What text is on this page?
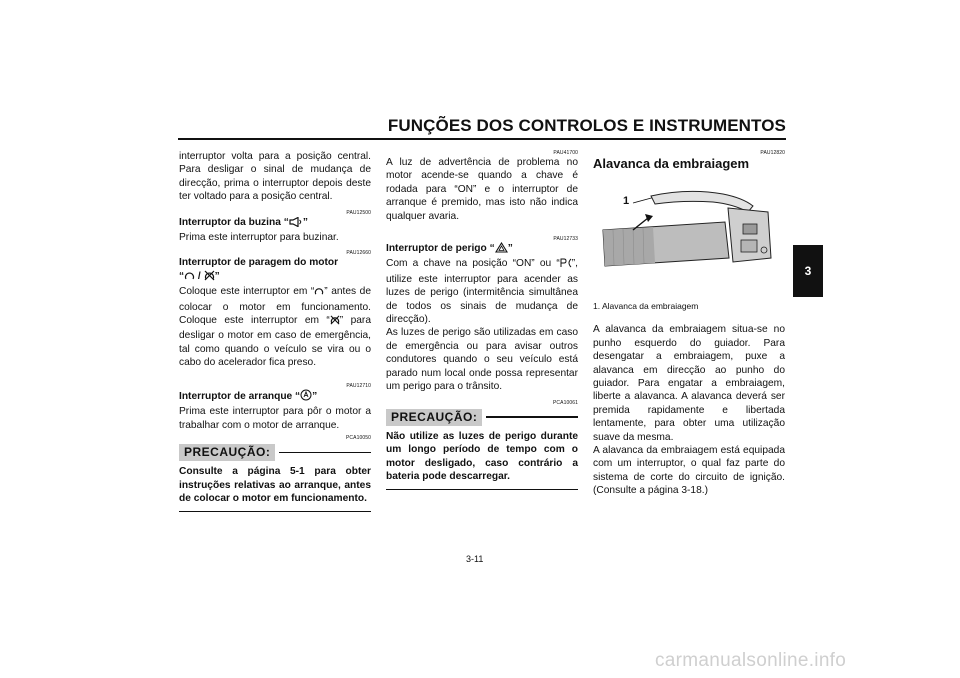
FUNÇÕES DOS CONTROLOS E INSTRUMENTOS
3

interruptor volta para a posição central. Para desligar o sinal de mudança de direcção, prima o interruptor depois deste ter voltado para a posição central.

PAU12500

Interruptor da buzina “ ”

Prima este interruptor para buzinar.

PAU12660

Interruptor de paragem do motor

“ / ”

Coloque este interruptor em “ ” antes de colocar o motor em funcionamento. Coloque este interruptor em “ ” para desligar o motor em caso de emergência, tal como quando o veículo se vira ou o cabo do acelerador fica preso.

PAU12710

Interruptor de arranque “ ”

Prima este interruptor para pôr o motor a trabalhar com o motor de arranque.

PCA10050
PRECAUÇÃO:

Consulte a página 5-1 para obter instruções relativas ao arranque, antes de colocar o motor em funcionamento.

PAU41700

A luz de advertência de problema no motor acende-se quando a chave é rodada para “ON” e o interruptor de arranque é premido, mas isto não indica qualquer avaria.

PAU12733

Interruptor de perigo “ ”

Com a chave na posição “ON” ou “ ”, utilize este interruptor para acender as luzes de perigo (intermitência simultânea de todos os sinais de mudança de direcção).

As luzes de perigo são utilizadas em caso de emergência ou para avisar outros condutores quando o seu veículo está parado num local onde possa representar um perigo para o trânsito.

PCA10061
PRECAUÇÃO:

Não utilize as luzes de perigo durante um longo período de tempo com o motor desligado, caso contrário a bateria pode descarregar.

PAU12820

Alavanca da embraiagem

1

1. Alavanca da embraiagem

A alavanca da embraiagem situa-se no punho esquerdo do guiador. Para desengatar a embraiagem, puxe a alavanca em direcção ao punho do guiador. Para engatar a embraiagem, liberte a alavanca. A alavanca deverá ser premida rapidamente e libertada lentamente, para obter uma utilização suave da mesma.

A alavanca da embraiagem está equipada com um interruptor, o qual faz parte do sistema de corte do circuito de ignição. (Consulte a página 3-18.)

3-11
carmanualsonline.info
